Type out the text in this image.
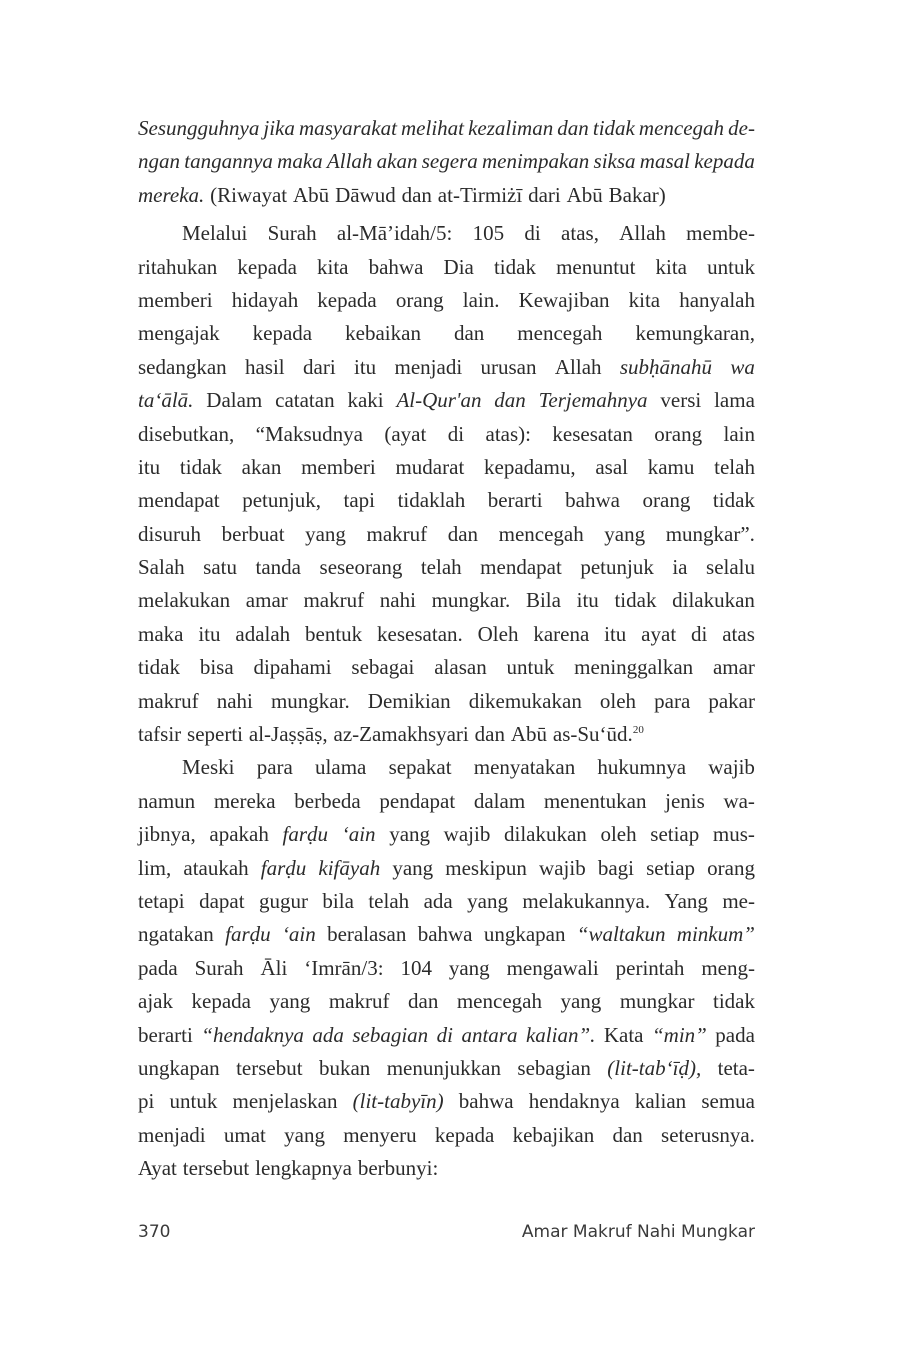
Sesungguhnya jika masyarakat melihat kezaliman dan tidak mencegah de-
ngan tangannya maka Allah akan segera menimpakan siksa masal kepada
mereka. (Riwayat Abū Dāwud dan at-Tirmiżī dari Abū Bakar)
Melalui Surah al-Mā’idah/5: 105 di atas, Allah membe-
ritahukan kepada kita bahwa Dia tidak menuntut kita untuk
memberi hidayah kepada orang lain. Kewajiban kita hanyalah
mengajak kepada kebaikan dan mencegah kemungkaran,
sedangkan hasil dari itu menjadi urusan Allah subḥānahū wa
ta‘ālā. Dalam catatan kaki Al-Qur'an dan Terjemahnya versi lama
disebutkan, “Maksudnya (ayat di atas): kesesatan orang lain
itu tidak akan memberi mudarat kepadamu, asal kamu telah
mendapat petunjuk, tapi tidaklah berarti bahwa orang tidak
disuruh berbuat yang makruf dan mencegah yang mungkar”.
Salah satu tanda seseorang telah mendapat petunjuk ia selalu
melakukan amar makruf nahi mungkar. Bila itu tidak dilakukan
maka itu adalah bentuk kesesatan. Oleh karena itu ayat di atas
tidak bisa dipahami sebagai alasan untuk meninggalkan amar
makruf nahi mungkar. Demikian dikemukakan oleh para pakar
tafsir seperti al-Jaṣṣāṣ, az-Zamakhsyari dan Abū as-Su‘ūd.$^{20}$
Meski para ulama sepakat menyatakan hukumnya wajib
namun mereka berbeda pendapat dalam menentukan jenis wa-
jibnya, apakah farḍu ‘ain yang wajib dilakukan oleh setiap mus-
lim, ataukah farḍu kifāyah yang meskipun wajib bagi setiap orang
tetapi dapat gugur bila telah ada yang melakukannya. Yang me-
ngatakan farḍu ‘ain beralasan bahwa ungkapan “waltakun minkum”
pada Surah Āli ‘Imrān/3: 104 yang mengawali perintah meng-
ajak kepada yang makruf dan mencegah yang mungkar tidak
berarti “hendaknya ada sebagian di antara kalian”. Kata “min” pada
ungkapan tersebut bukan menunjukkan sebagian (lit-tab‘īḍ), teta-
pi untuk menjelaskan (lit-tabyīn) bahwa hendaknya kalian semua
menjadi umat yang menyeru kepada kebajikan dan seterusnya.
Ayat tersebut lengkapnya berbunyi:
370	Amar Makruf Nahi Mungkar
